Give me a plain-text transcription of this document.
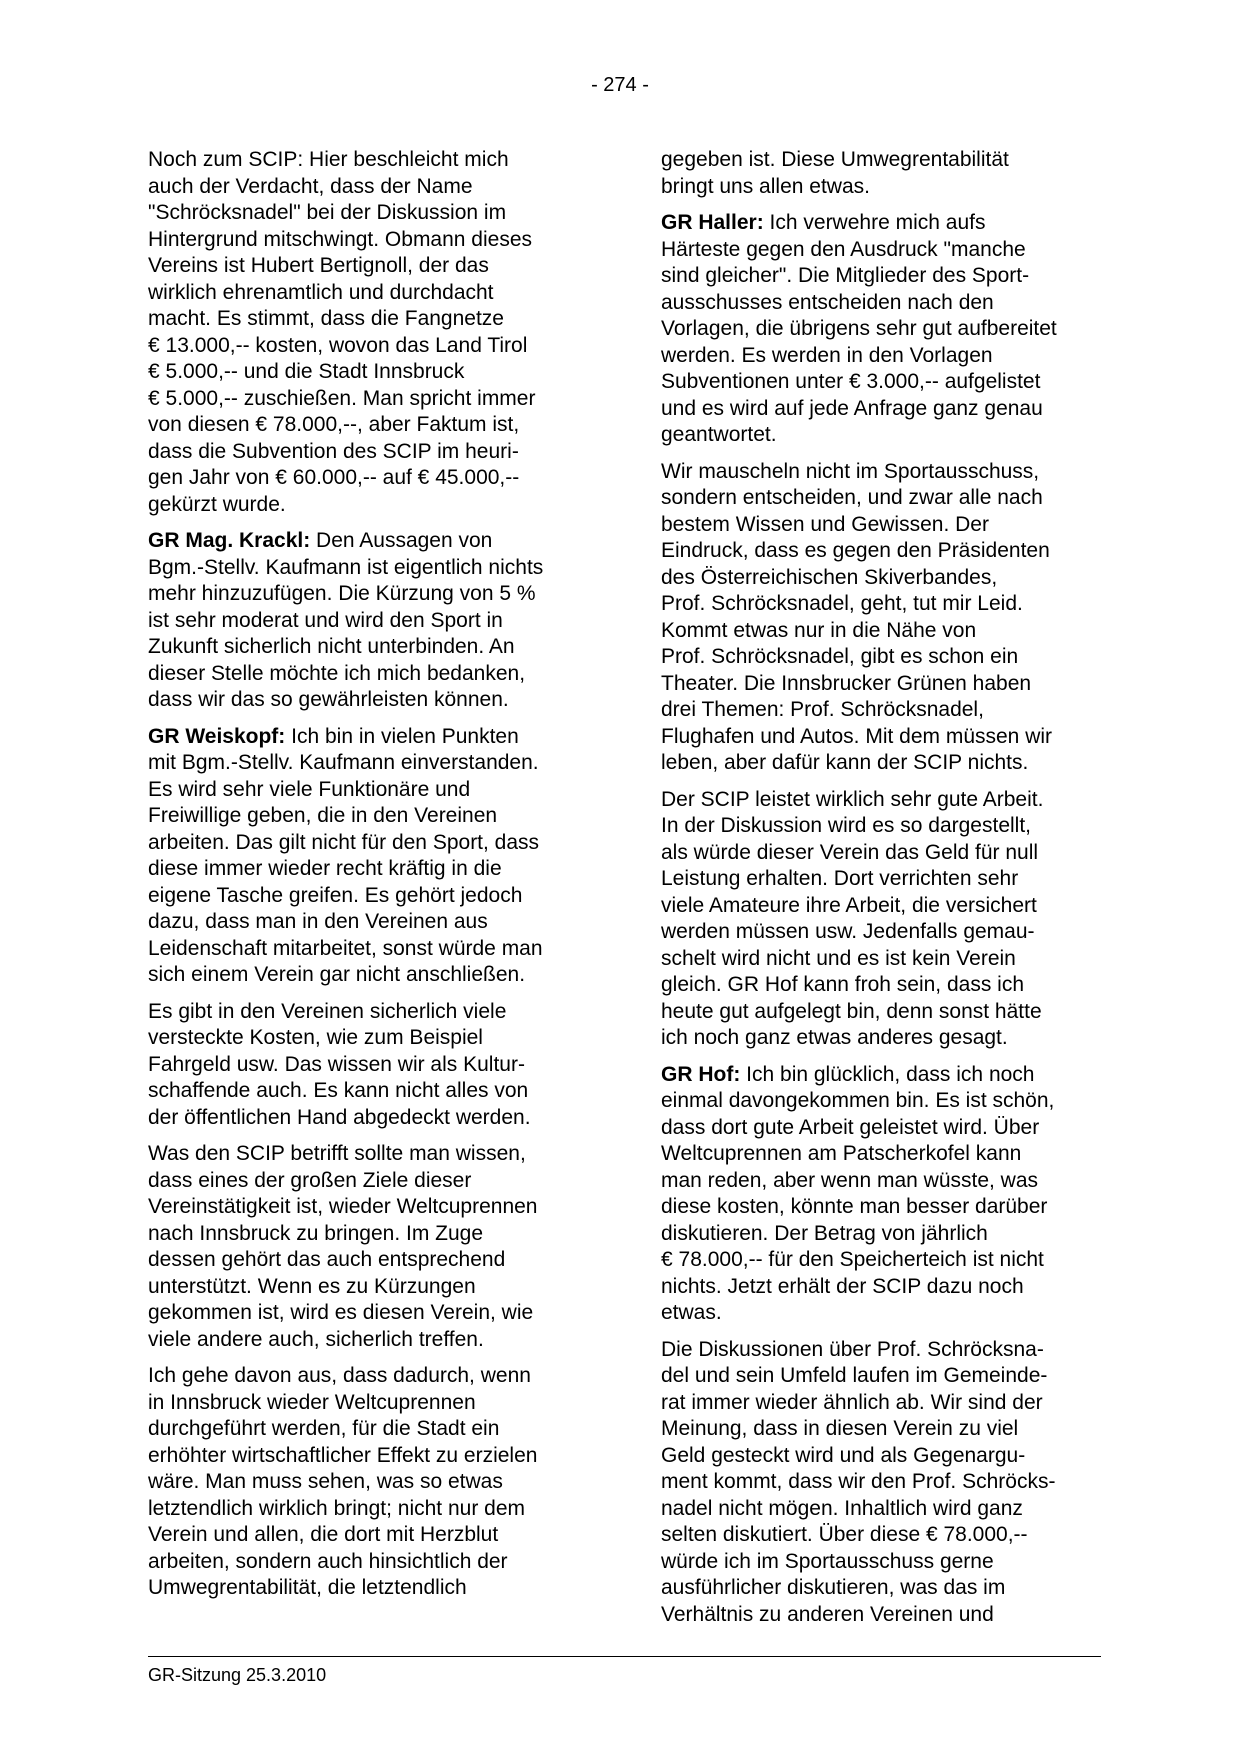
- 274 -
Noch zum SCIP: Hier beschleicht mich
auch der Verdacht, dass der Name
"Schröcksnadel" bei der Diskussion im
Hintergrund mitschwingt. Obmann dieses
Vereins ist Hubert Bertignoll, der das
wirklich ehrenamtlich und durchdacht
macht. Es stimmt, dass die Fangnetze
€ 13.000,-- kosten, wovon das Land Tirol
€ 5.000,-- und die Stadt Innsbruck
€ 5.000,-- zuschießen. Man spricht immer
von diesen € 78.000,--, aber Faktum ist,
dass die Subvention des SCIP im heuri-
gen Jahr von € 60.000,-- auf € 45.000,--
gekürzt wurde.
GR Mag. Krackl: Den Aussagen von
Bgm.-Stellv. Kaufmann ist eigentlich nichts
mehr hinzuzufügen. Die Kürzung von 5 %
ist sehr moderat und wird den Sport in
Zukunft sicherlich nicht unterbinden. An
dieser Stelle möchte ich mich bedanken,
dass wir das so gewährleisten können.
GR Weiskopf: Ich bin in vielen Punkten
mit Bgm.-Stellv. Kaufmann einverstanden.
Es wird sehr viele Funktionäre und
Freiwillige geben, die in den Vereinen
arbeiten. Das gilt nicht für den Sport, dass
diese immer wieder recht kräftig in die
eigene Tasche greifen. Es gehört jedoch
dazu, dass man in den Vereinen aus
Leidenschaft mitarbeitet, sonst würde man
sich einem Verein gar nicht anschließen.
Es gibt in den Vereinen sicherlich viele
versteckte Kosten, wie zum Beispiel
Fahrgeld usw. Das wissen wir als Kultur-
schaffende auch. Es kann nicht alles von
der öffentlichen Hand abgedeckt werden.
Was den SCIP betrifft sollte man wissen,
dass eines der großen Ziele dieser
Vereinstätigkeit ist, wieder Weltcuprennen
nach Innsbruck zu bringen. Im Zuge
dessen gehört das auch entsprechend
unterstützt. Wenn es zu Kürzungen
gekommen ist, wird es diesen Verein, wie
viele andere auch, sicherlich treffen.
Ich gehe davon aus, dass dadurch, wenn
in Innsbruck wieder Weltcuprennen
durchgeführt werden, für die Stadt ein
erhöhter wirtschaftlicher Effekt zu erzielen
wäre. Man muss sehen, was so etwas
letztendlich wirklich bringt; nicht nur dem
Verein und allen, die dort mit Herzblut
arbeiten, sondern auch hinsichtlich der
Umwegrentabilität, die letztendlich
gegeben ist. Diese Umwegrentabilität
bringt uns allen etwas.
GR Haller: Ich verwehre mich aufs
Härteste gegen den Ausdruck "manche
sind gleicher". Die Mitglieder des Sport-
ausschusses entscheiden nach den
Vorlagen, die übrigens sehr gut aufbereitet
werden. Es werden in den Vorlagen
Subventionen unter € 3.000,-- aufgelistet
und es wird auf jede Anfrage ganz genau
geantwortet.
Wir mauscheln nicht im Sportausschuss,
sondern entscheiden, und zwar alle nach
bestem Wissen und Gewissen. Der
Eindruck, dass es gegen den Präsidenten
des Österreichischen Skiverbandes,
Prof. Schröcksnadel, geht, tut mir Leid.
Kommt etwas nur in die Nähe von
Prof. Schröcksnadel, gibt es schon ein
Theater. Die Innsbrucker Grünen haben
drei Themen: Prof. Schröcksnadel,
Flughafen und Autos. Mit dem müssen wir
leben, aber dafür kann der SCIP nichts.
Der SCIP leistet wirklich sehr gute Arbeit.
In der Diskussion wird es so dargestellt,
als würde dieser Verein das Geld für null
Leistung erhalten. Dort verrichten sehr
viele Amateure ihre Arbeit, die versichert
werden müssen usw. Jedenfalls gemau-
schelt wird nicht und es ist kein Verein
gleich. GR Hof kann froh sein, dass ich
heute gut aufgelegt bin, denn sonst hätte
ich noch ganz etwas anderes gesagt.
GR Hof: Ich bin glücklich, dass ich noch
einmal davongekommen bin. Es ist schön,
dass dort gute Arbeit geleistet wird. Über
Weltcuprennen am Patscherkofel kann
man reden, aber wenn man wüsste, was
diese kosten, könnte man besser darüber
diskutieren. Der Betrag von jährlich
€ 78.000,-- für den Speicherteich ist nicht
nichts. Jetzt erhält der SCIP dazu noch
etwas.
Die Diskussionen über Prof. Schröcksna-
del und sein Umfeld laufen im Gemeinde-
rat immer wieder ähnlich ab. Wir sind der
Meinung, dass in diesen Verein zu viel
Geld gesteckt wird und als Gegenargu-
ment kommt, dass wir den Prof. Schröcks-
nadel nicht mögen. Inhaltlich wird ganz
selten diskutiert. Über diese € 78.000,--
würde ich im Sportausschuss gerne
ausführlicher diskutieren, was das im
Verhältnis zu anderen Vereinen und
GR-Sitzung 25.3.2010
